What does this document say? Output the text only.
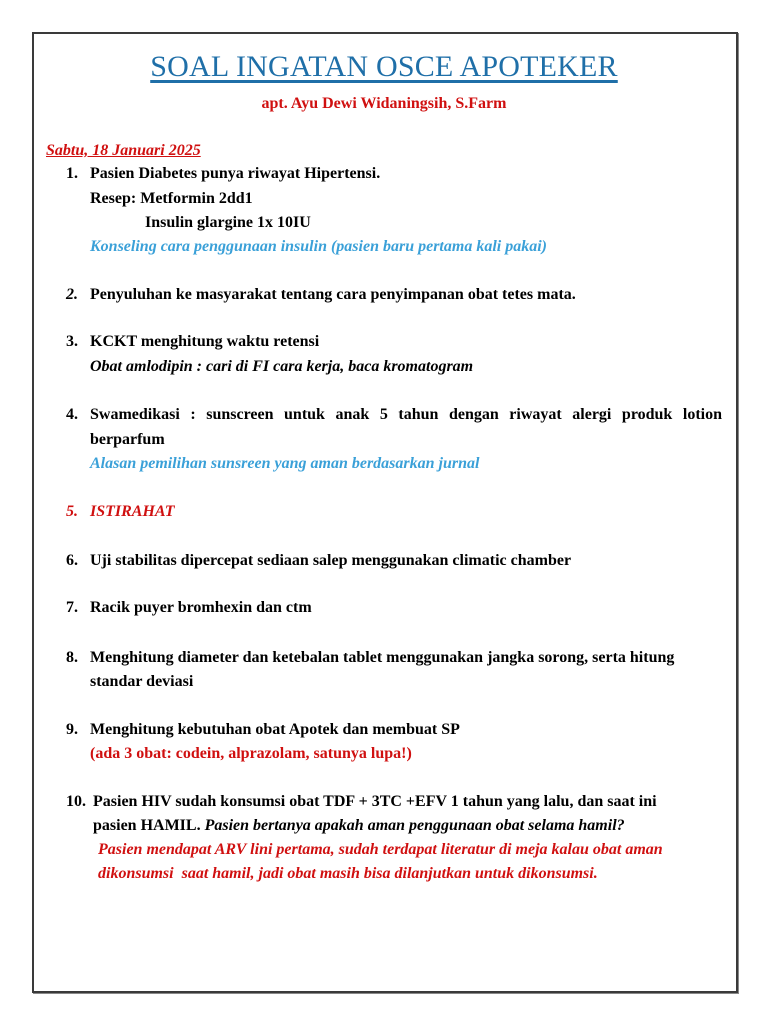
SOAL INGATAN OSCE APOTEKER
apt. Ayu Dewi Widaningsih, S.Farm
Sabtu, 18 Januari 2025
1. Pasien Diabetes punya riwayat Hipertensi.
Resep: Metformin 2dd1
Insulin glargine 1x 10IU
Konseling cara penggunaan insulin (pasien baru pertama kali pakai)
2. Penyuluhan ke masyarakat tentang cara penyimpanan obat tetes mata.
3. KCKT menghitung waktu retensi
Obat amlodipin : cari di FI cara kerja, baca kromatogram
4. Swamedikasi : sunscreen untuk anak 5 tahun dengan riwayat alergi produk lotion
berparfum
Alasan pemilihan sunsreen yang aman berdasarkan jurnal
5. ISTIRAHAT
6. Uji stabilitas dipercepat sediaan salep menggunakan climatic chamber
7. Racik puyer bromhexin dan ctm
8. Menghitung diameter dan ketebalan tablet menggunakan jangka sorong, serta hitung
standar deviasi
9. Menghitung kebutuhan obat Apotek dan membuat SP
(ada 3 obat: codein, alprazolam, satunya lupa!)
10. Pasien HIV sudah konsumsi obat TDF + 3TC +EFV 1 tahun yang lalu, dan saat ini
pasien HAMIL. Pasien bertanya apakah aman penggunaan obat selama hamil?
Pasien mendapat ARV lini pertama, sudah terdapat literatur di meja kalau obat aman
dikonsumsi  saat hamil, jadi obat masih bisa dilanjutkan untuk dikonsumsi.
